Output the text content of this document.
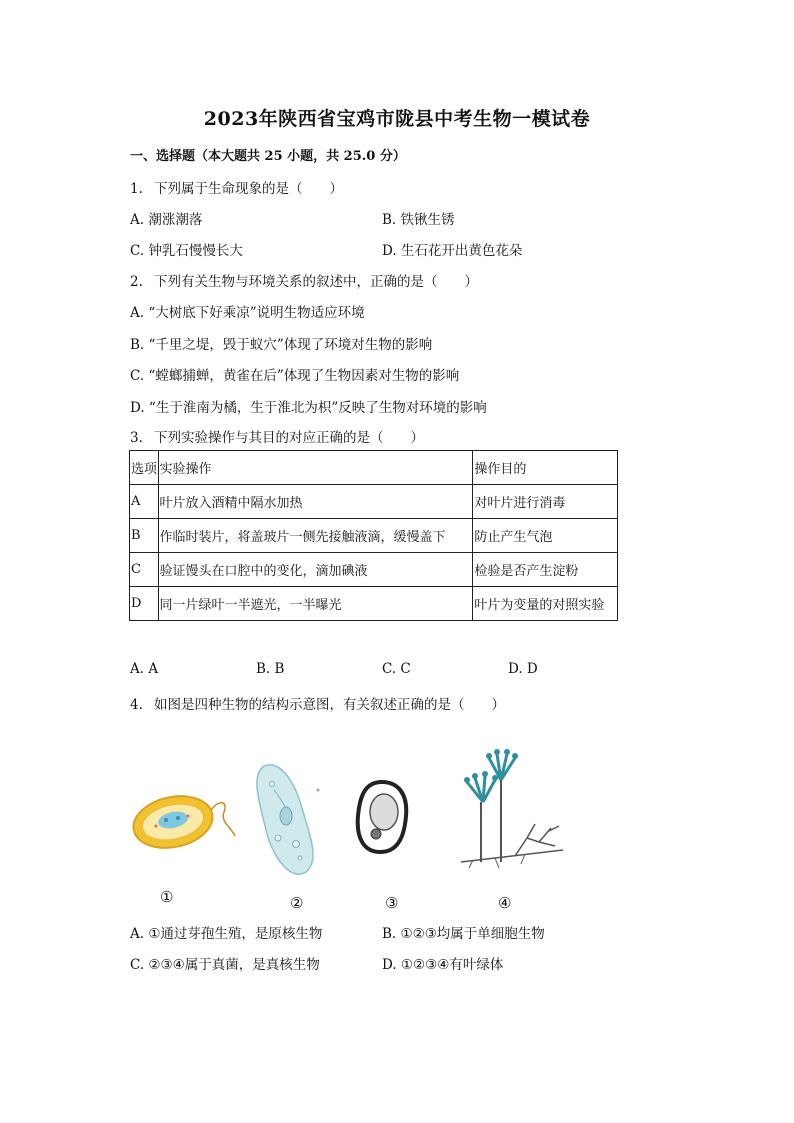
2023年陕西省宝鸡市陇县中考生物一模试卷
一、选择题（本大题共 25 小题，共 25.0 分）
1. 下列属于生命现象的是（　　）
A. 潮涨潮落	B. 铁锹生锈
C. 钟乳石慢慢长大	D. 生石花开出黄色花朵
2. 下列有关生物与环境关系的叙述中，正确的是（　　）
A. “大树底下好乘凉”说明生物适应环境
B. “千里之堤，毁于蚁穴”体现了环境对生物的影响
C. “螳螂捕蝉，黄雀在后”体现了生物因素对生物的影响
D. “生于淮南为橘，生于淮北为枳”反映了生物对环境的影响
3. 下列实验操作与其目的对应正确的是（　　）
选项	实验操作	操作目的
A	叶片放入酒精中隔水加热	对叶片进行消毒
B	作临时装片，将盖玻片一侧先接触液滴，缓慢盖下	防止产生气泡
C	验证馒头在口腔中的变化，滴加碘液	检验是否产生淀粉
D	同一片绿叶一半遮光，一半曝光	叶片为变量的对照实验
A. A	B. B	C. C	D. D
4. 如图是四种生物的结构示意图，有关叙述正确的是（　　）
①	②	③	④
A. ①通过芽孢生殖，是原核生物	B. ①②③均属于单细胞生物
C. ②③④属于真菌，是真核生物	D. ①②③④有叶绿体
